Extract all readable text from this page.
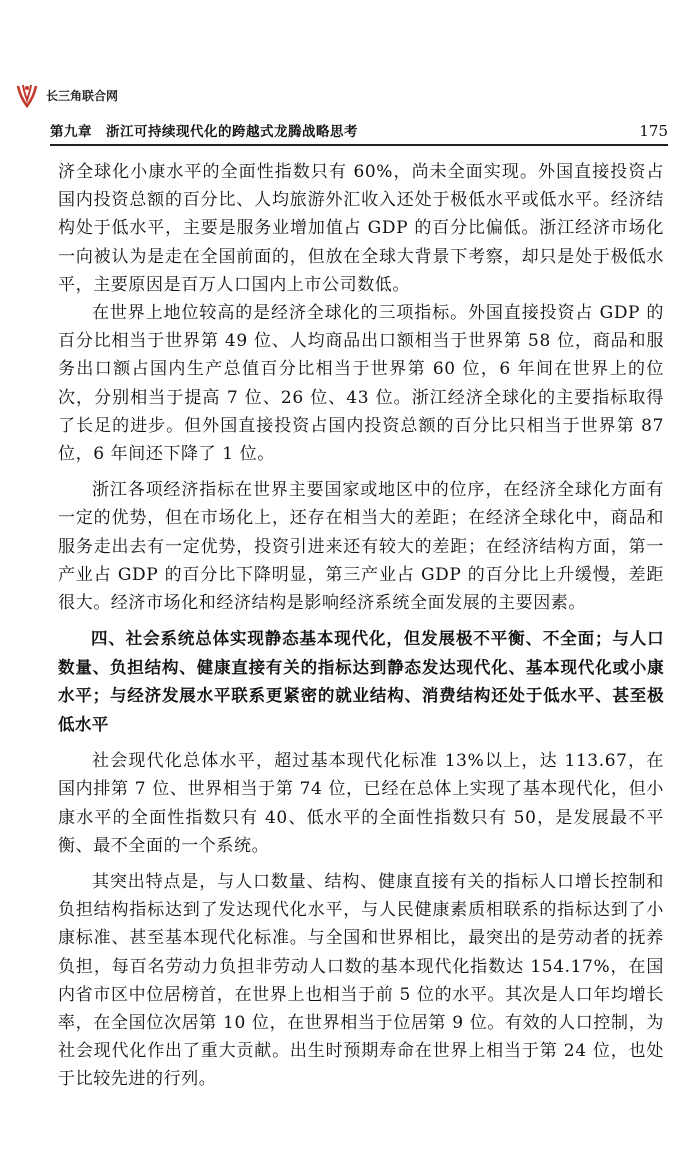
长三角联合网
第九章　浙江可持续现代化的跨越式龙腾战略思考	175

济全球化小康水平的全面性指数只有 60%，尚未全面实现。外国直接投资占国内投资总额的百分比、人均旅游外汇收入还处于极低水平或低水平。经济结构处于低水平，主要是服务业增加值占 GDP 的百分比偏低。浙江经济市场化一向被认为是走在全国前面的，但放在全球大背景下考察，却只是处于极低水平，主要原因是百万人口国内上市公司数低。

在世界上地位较高的是经济全球化的三项指标。外国直接投资占 GDP 的百分比相当于世界第 49 位、人均商品出口额相当于世界第 58 位，商品和服务出口额占国内生产总值百分比相当于世界第 60 位，6 年间在世界上的位次，分别相当于提高 7 位、26 位、43 位。浙江经济全球化的主要指标取得了长足的进步。但外国直接投资占国内投资总额的百分比只相当于世界第 87 位，6 年间还下降了 1 位。

浙江各项经济指标在世界主要国家或地区中的位序，在经济全球化方面有一定的优势，但在市场化上，还存在相当大的差距；在经济全球化中，商品和服务走出去有一定优势，投资引进来还有较大的差距；在经济结构方面，第一产业占 GDP 的百分比下降明显，第三产业占 GDP 的百分比上升缓慢，差距很大。经济市场化和经济结构是影响经济系统全面发展的主要因素。

四、社会系统总体实现静态基本现代化，但发展极不平衡、不全面；与人口数量、负担结构、健康直接有关的指标达到静态发达现代化、基本现代化或小康水平；与经济发展水平联系更紧密的就业结构、消费结构还处于低水平、甚至极低水平

社会现代化总体水平，超过基本现代化标准 13%以上，达 113.67，在国内排第 7 位、世界相当于第 74 位，已经在总体上实现了基本现代化，但小康水平的全面性指数只有 40、低水平的全面性指数只有 50，是发展最不平衡、最不全面的一个系统。

其突出特点是，与人口数量、结构、健康直接有关的指标人口增长控制和负担结构指标达到了发达现代化水平，与人民健康素质相联系的指标达到了小康标准、甚至基本现代化标准。与全国和世界相比，最突出的是劳动者的抚养负担，每百名劳动力负担非劳动人口数的基本现代化指数达 154.17%，在国内省市区中位居榜首，在世界上也相当于前 5 位的水平。其次是人口年均增长率，在全国位次居第 10 位，在世界相当于位居第 9 位。有效的人口控制，为社会现代化作出了重大贡献。出生时预期寿命在世界上相当于第 24 位，也处于比较先进的行列。
